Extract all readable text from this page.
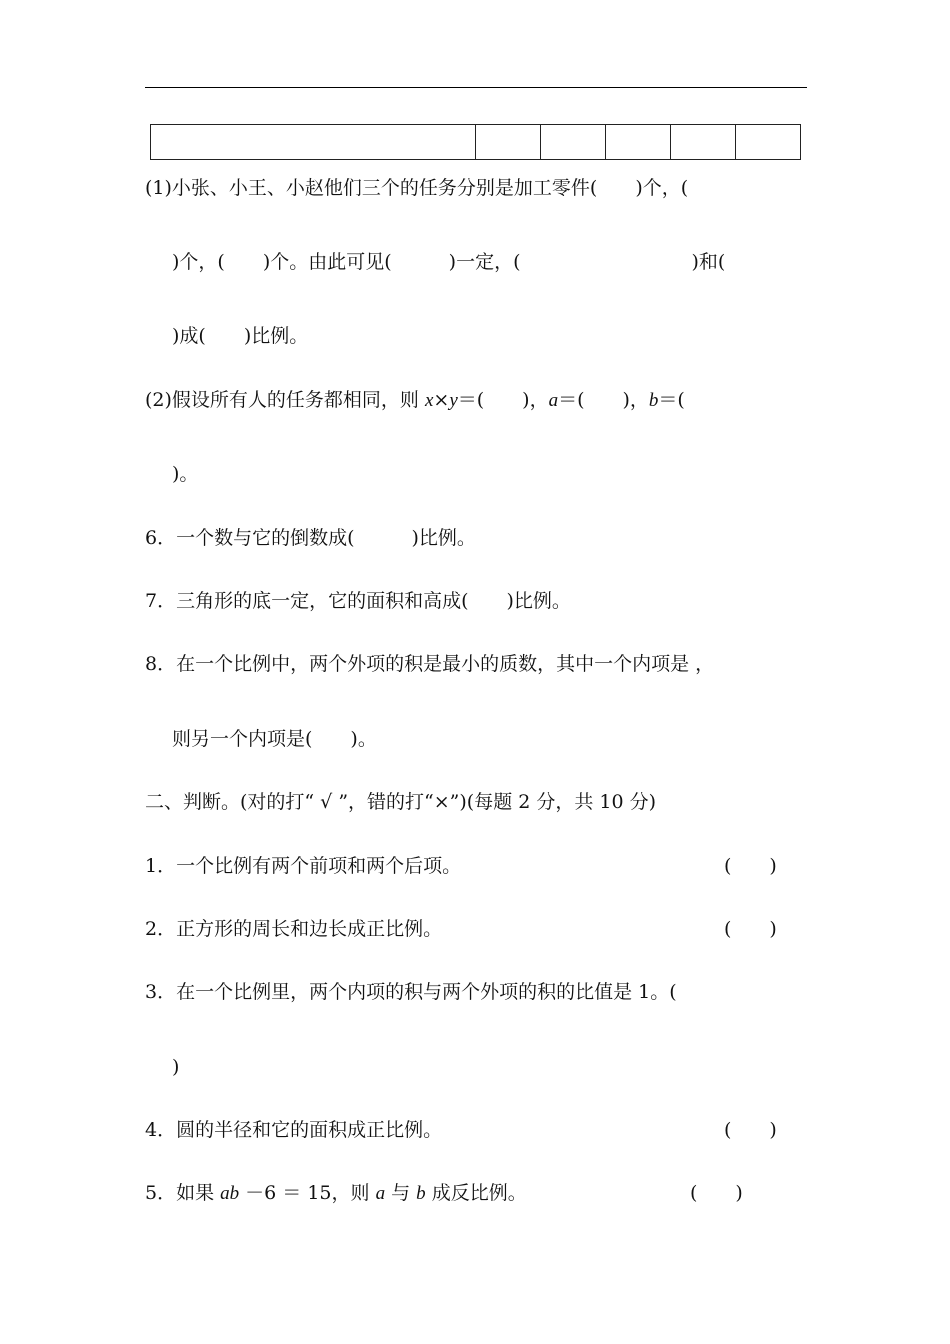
(1)小张、小王、小赵他们三个的任务分别是加工零件(　　)个，(
)个，(　　)个。由此可见(　　　)一定，(　　　　　　　　　)和(
)成(　　)比例。
(2)假设所有人的任务都相同，则 x×y＝(　　)，a＝(　　)，b＝(
)。
6．一个数与它的倒数成(　　　)比例。
7．三角形的底一定，它的面积和高成(　　)比例。
8．在一个比例中，两个外项的积是最小的质数，其中一个内项是 ，
则另一个内项是(　　)。
二、判断。(对的打“ √ ”，错的打“×”)(每题 2 分，共 10 分)
1．一个比例有两个前项和两个后项。	(　　)
2．正方形的周长和边长成正比例。	(　　)
3．在一个比例里，两个内项的积与两个外项的积的比值是 1。(
)
4．圆的半径和它的面积成正比例。	(　　)
5．如果 ab －6 ＝ 15，则 a 与 b 成反比例。	(　　)
